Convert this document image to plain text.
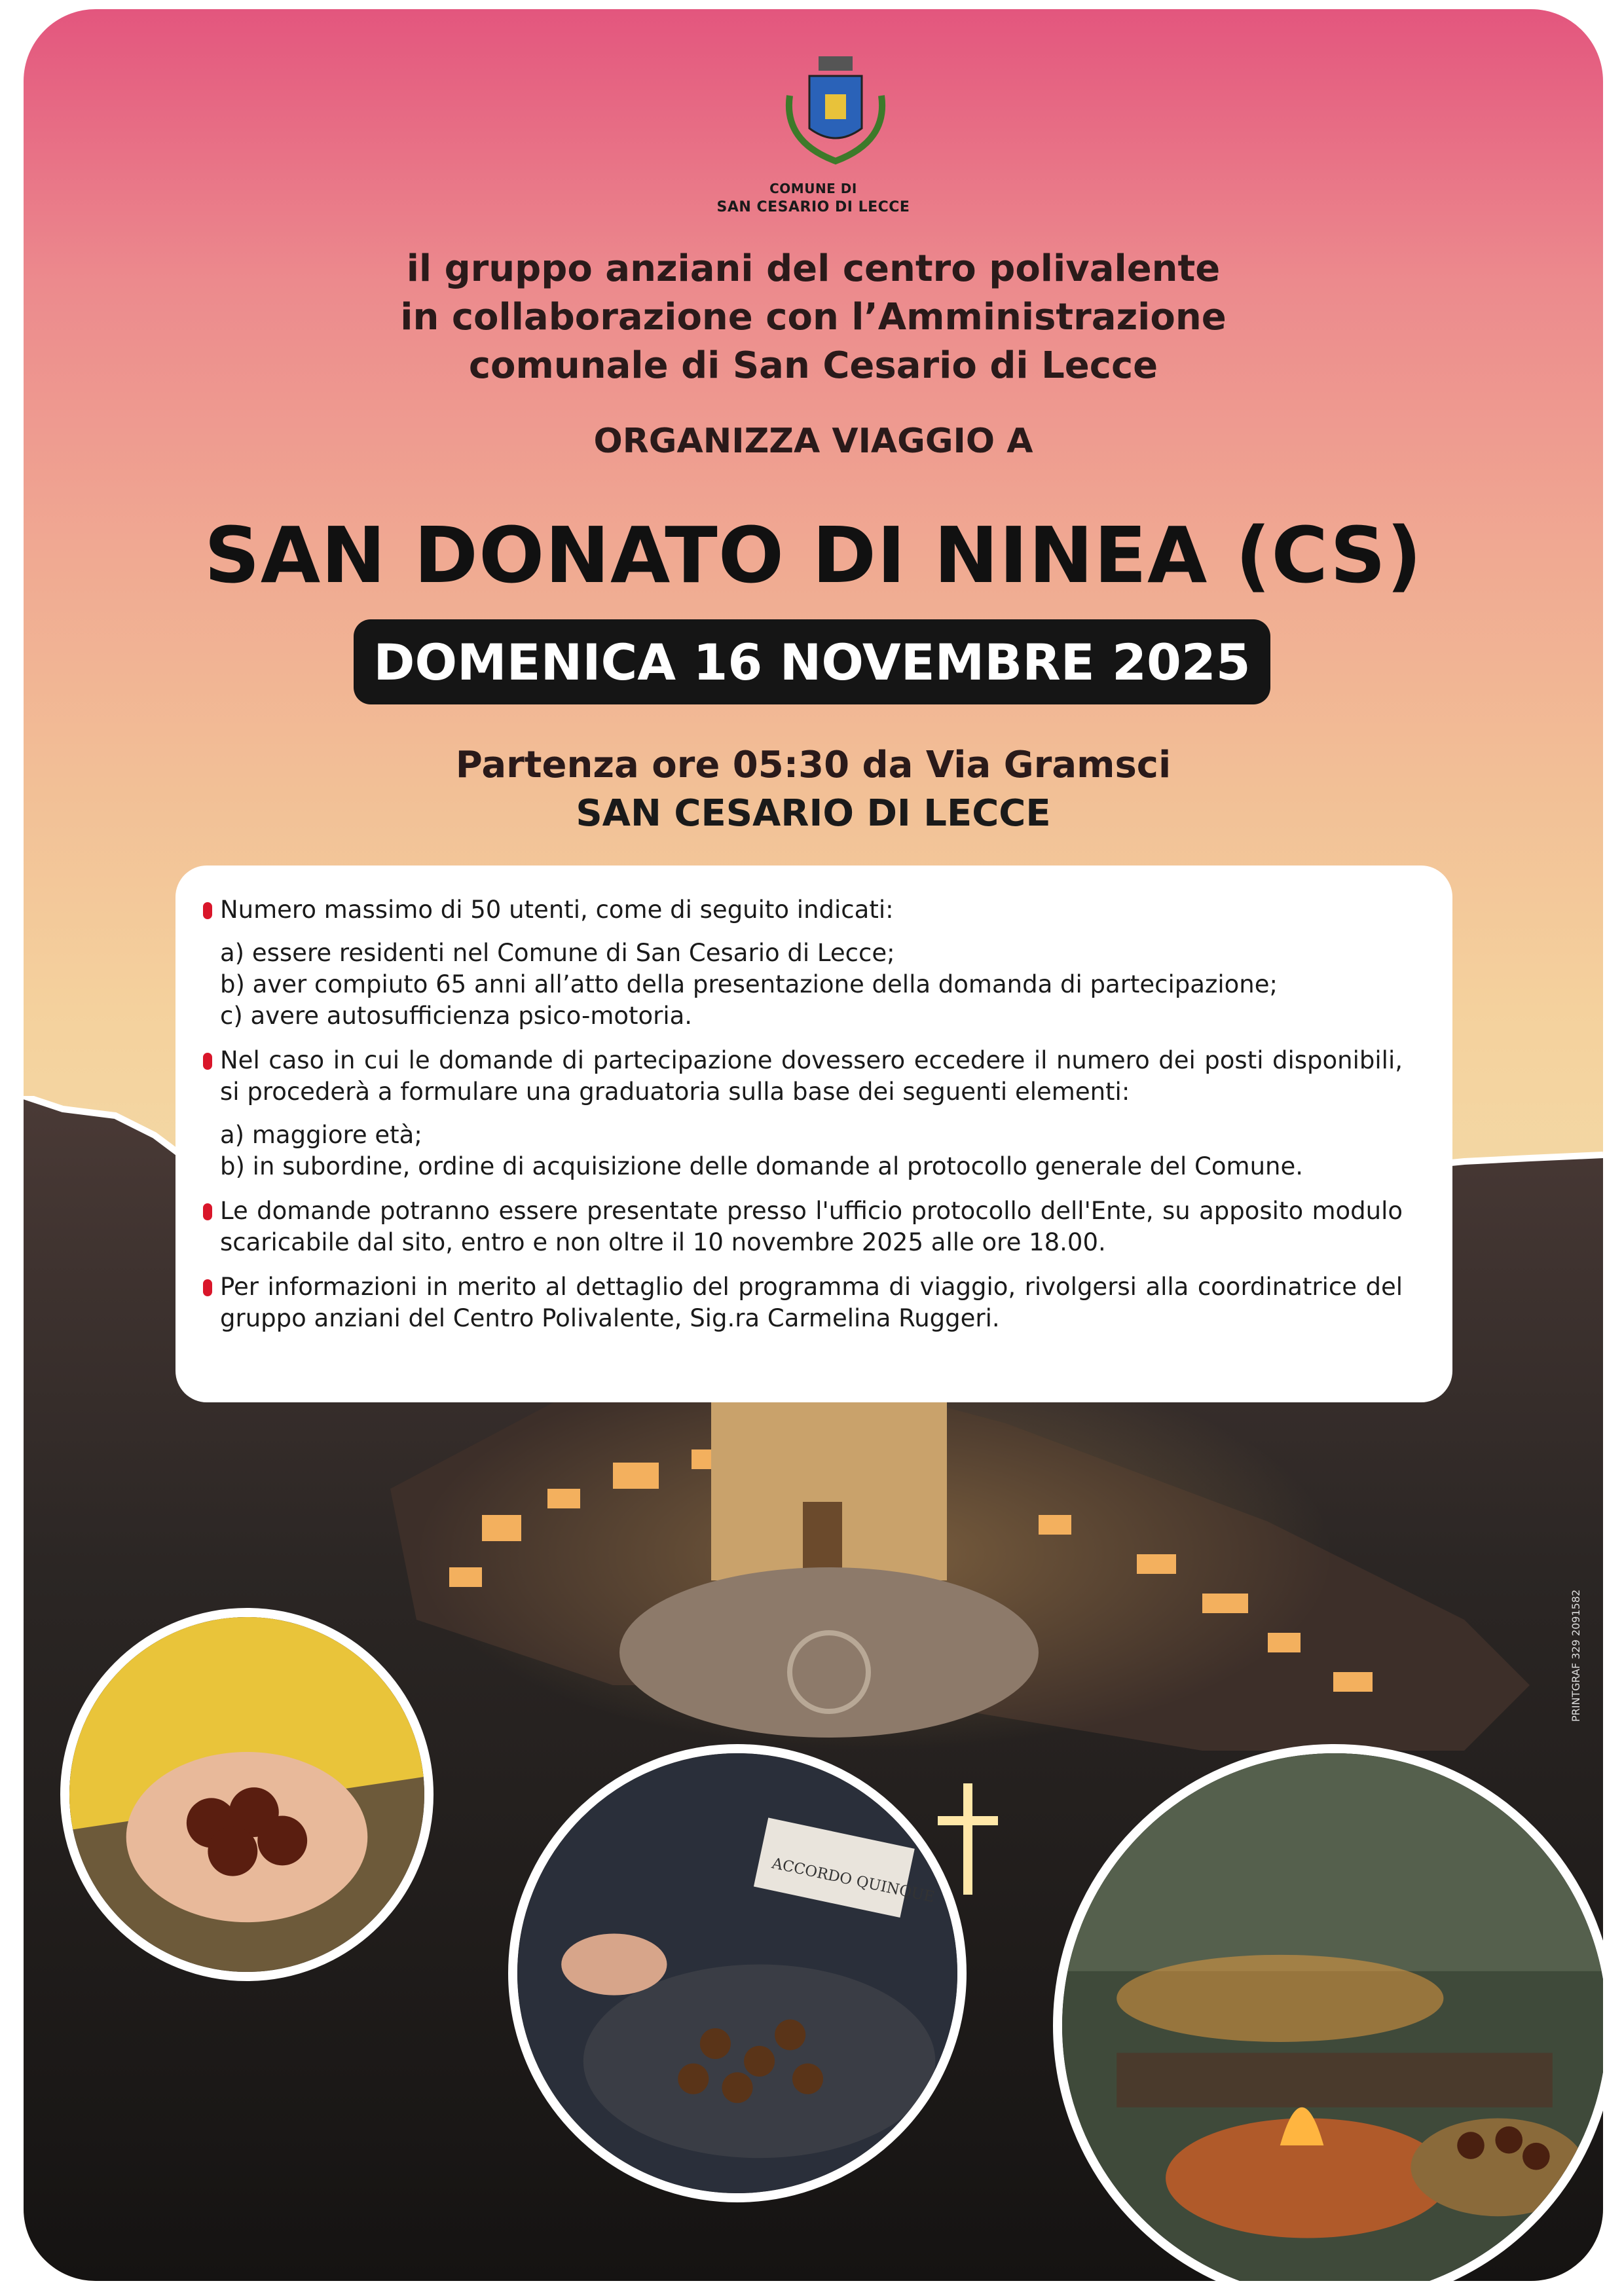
COMUNE DI
SAN CESARIO DI LECCE
il gruppo anziani del centro polivalente
in collaborazione con l’Amministrazione
comunale di San Cesario di Lecce
ORGANIZZA VIAGGIO A
SAN DONATO DI NINEA (CS)
DOMENICA 16 NOVEMBRE 2025
Partenza ore 05:30 da Via Gramsci
SAN CESARIO DI LECCE
Numero massimo di 50 utenti, come di seguito indicati:
a) essere residenti nel Comune di San Cesario di Lecce;
b) aver compiuto 65 anni all’atto della presentazione della domanda di partecipazione;
c) avere autosufficienza psico-motoria.
Nel caso in cui le domande di partecipazione dovessero eccedere il numero dei posti disponibili, si procederà a formulare una graduatoria sulla base dei seguenti elementi:
a) maggiore età;
b) in subordine, ordine di acquisizione delle domande al protocollo generale del Comune.
Le domande potranno essere presentate presso l'ufficio protocollo dell'Ente, su apposito modulo scaricabile dal sito, entro e non oltre il 10 novembre 2025 alle ore 18.00.
Per informazioni in merito al dettaglio del programma di viaggio, rivolgersi alla coordinatrice del gruppo anziani del Centro Polivalente, Sig.ra Carmelina Ruggeri.
ACCORDO QUINQUE
PRINTGRAF 329 2091582
